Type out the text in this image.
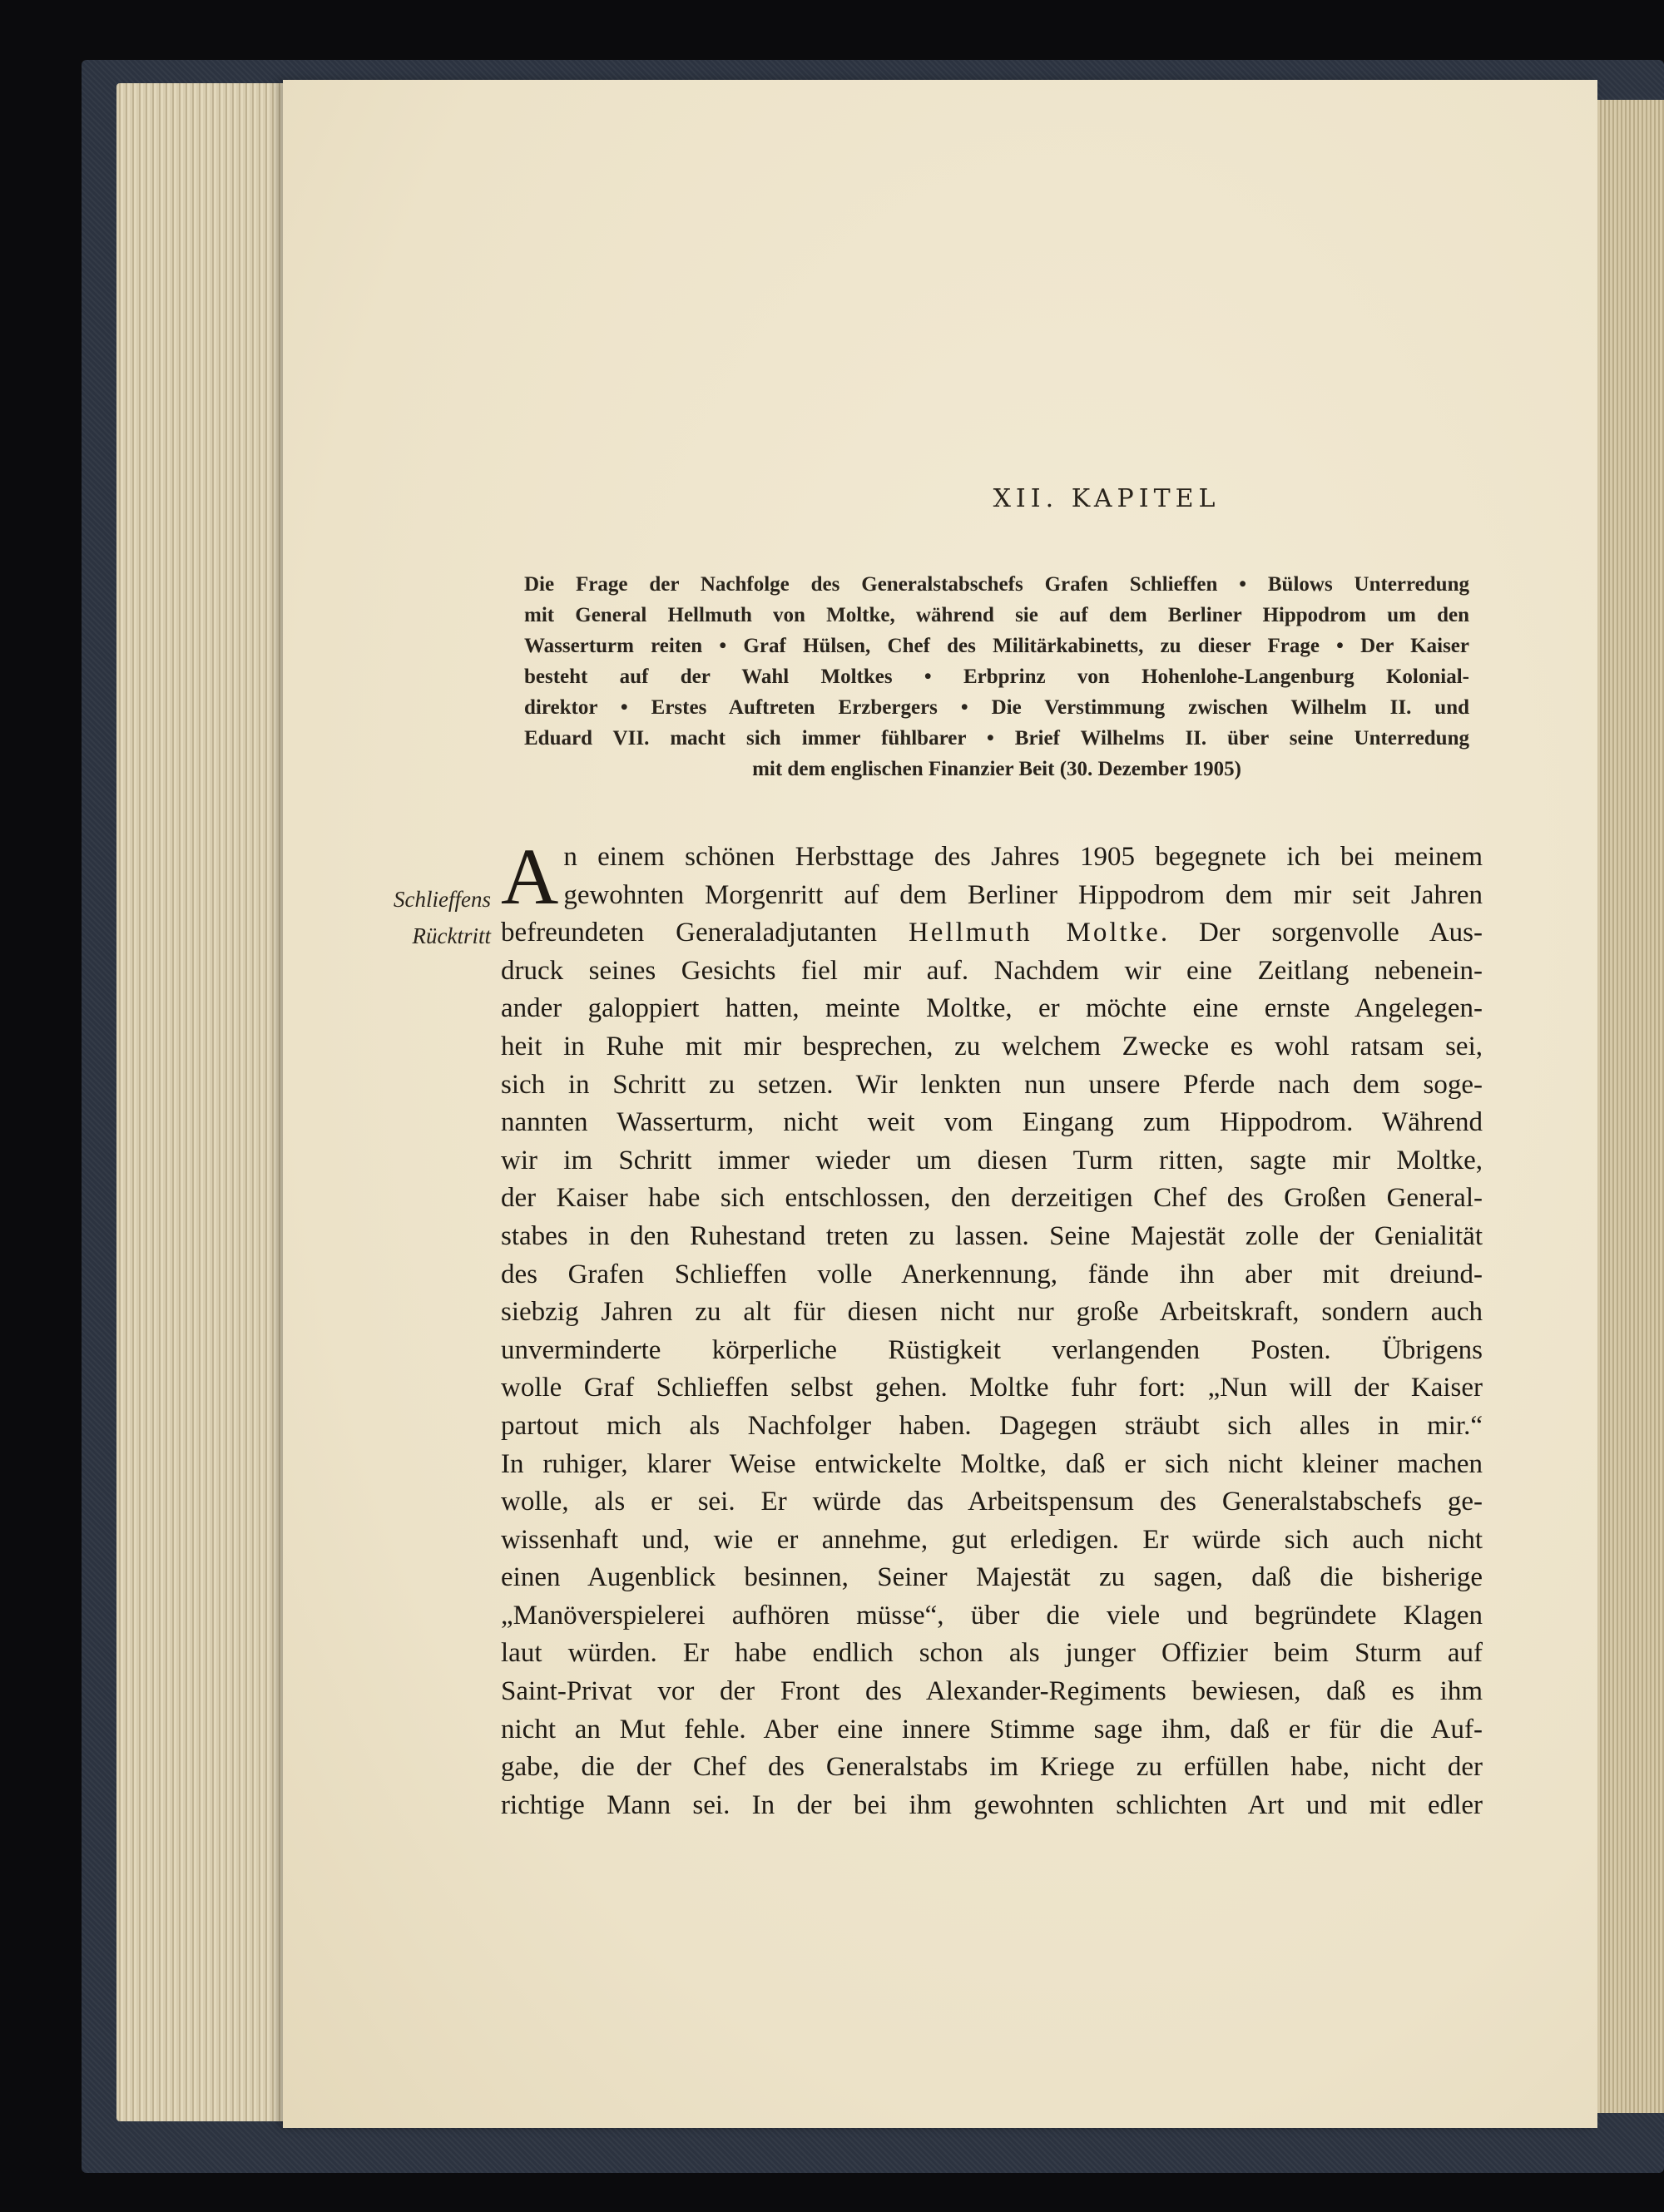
XII. KAPITEL
Die Frage der Nachfolge des Generalstabschefs Grafen Schlieffen • Bülows Unterredung
mit General Hellmuth von Moltke, während sie auf dem Berliner Hippodrom um den
Wasserturm reiten • Graf Hülsen, Chef des Militärkabinetts, zu dieser Frage • Der Kaiser
besteht auf der Wahl Moltkes • Erbprinz von Hohenlohe-Langenburg Kolonial-
direktor • Erstes Auftreten Erzbergers • Die Verstimmung zwischen Wilhelm II. und
Eduard VII. macht sich immer fühlbarer • Brief Wilhelms II. über seine Unterredung
mit dem englischen Finanzier Beit (30. Dezember 1905)
Schlieffens
Rücktritt
A n einem schönen Herbsttage des Jahres 1905 begegnete ich bei meinem
gewohnten Morgenritt auf dem Berliner Hippodrom dem mir seit Jahren
befreundeten Generaladjutanten Hellmuth Moltke. Der sorgenvolle Aus-
druck seines Gesichts fiel mir auf. Nachdem wir eine Zeitlang nebenein-
ander galoppiert hatten, meinte Moltke, er möchte eine ernste Angelegen-
heit in Ruhe mit mir besprechen, zu welchem Zwecke es wohl ratsam sei,
sich in Schritt zu setzen. Wir lenkten nun unsere Pferde nach dem soge-
nannten Wasserturm, nicht weit vom Eingang zum Hippodrom. Während
wir im Schritt immer wieder um diesen Turm ritten, sagte mir Moltke,
der Kaiser habe sich entschlossen, den derzeitigen Chef des Großen General-
stabes in den Ruhestand treten zu lassen. Seine Majestät zolle der Genialität
des Grafen Schlieffen volle Anerkennung, fände ihn aber mit dreiund-
siebzig Jahren zu alt für diesen nicht nur große Arbeitskraft, sondern auch
unverminderte körperliche Rüstigkeit verlangenden Posten. Übrigens
wolle Graf Schlieffen selbst gehen. Moltke fuhr fort: „Nun will der Kaiser
partout mich als Nachfolger haben. Dagegen sträubt sich alles in mir.“
In ruhiger, klarer Weise entwickelte Moltke, daß er sich nicht kleiner machen
wolle, als er sei. Er würde das Arbeitspensum des Generalstabschefs ge-
wissenhaft und, wie er annehme, gut erledigen. Er würde sich auch nicht
einen Augenblick besinnen, Seiner Majestät zu sagen, daß die bisherige
„Manöverspielerei aufhören müsse“, über die viele und begründete Klagen
laut würden. Er habe endlich schon als junger Offizier beim Sturm auf
Saint-Privat vor der Front des Alexander-Regiments bewiesen, daß es ihm
nicht an Mut fehle. Aber eine innere Stimme sage ihm, daß er für die Auf-
gabe, die der Chef des Generalstabs im Kriege zu erfüllen habe, nicht der
richtige Mann sei. In der bei ihm gewohnten schlichten Art und mit edler
